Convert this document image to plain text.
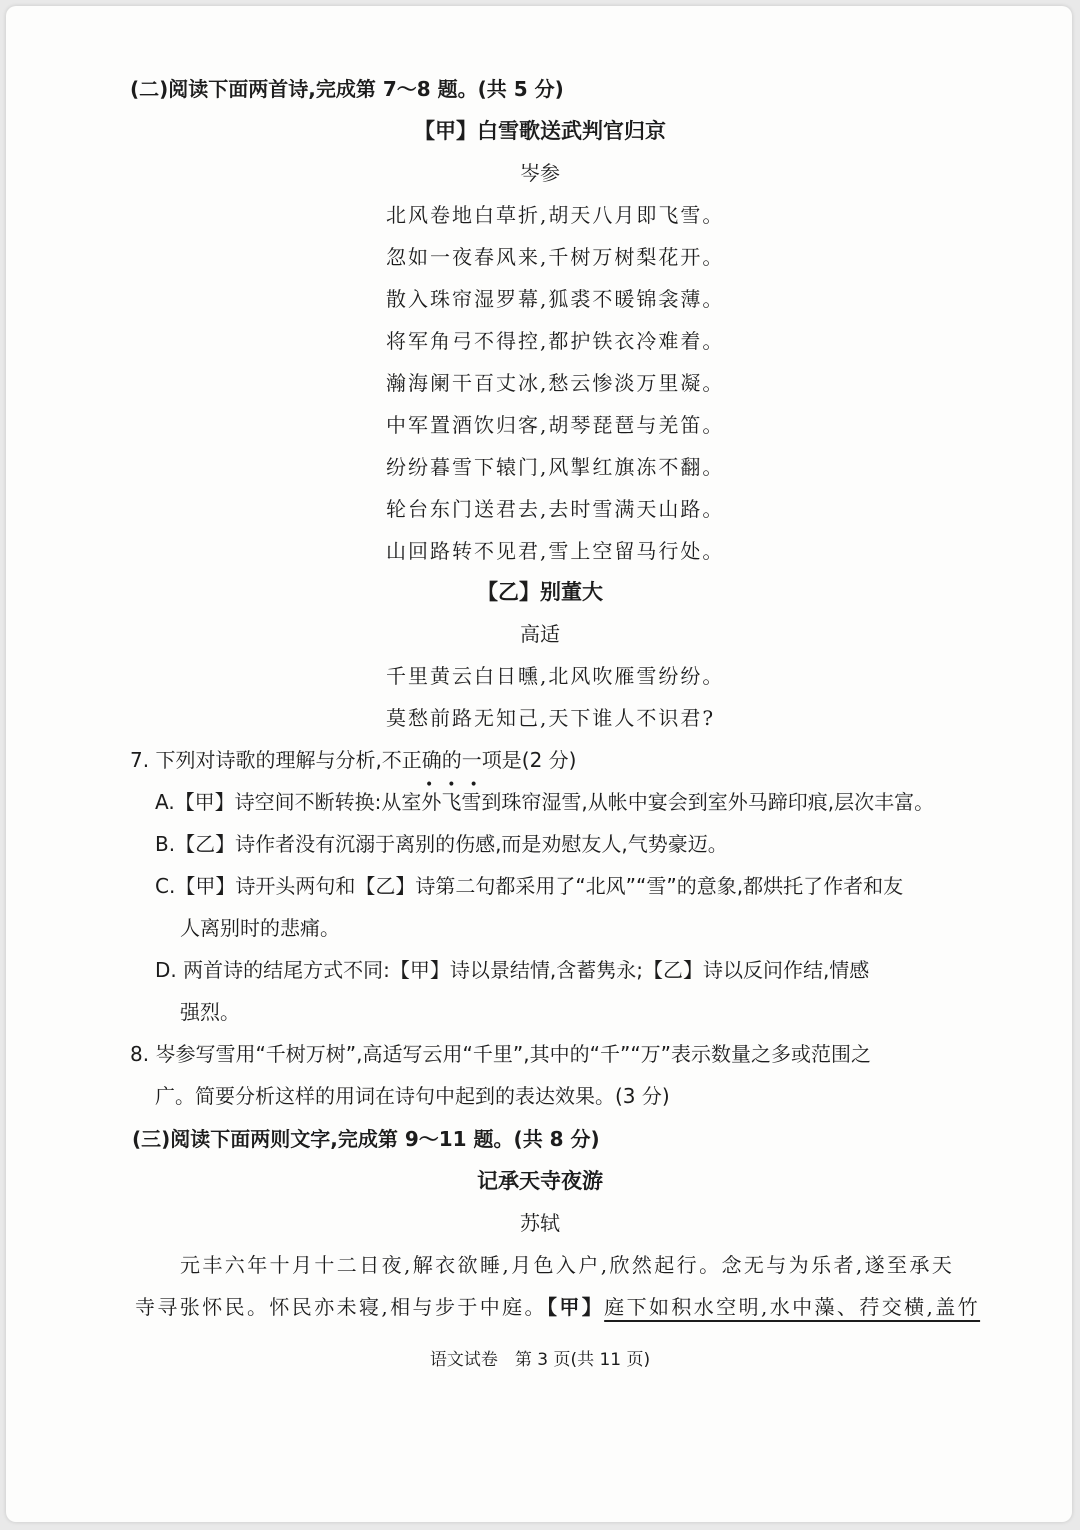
(二)阅读下面两首诗,完成第 7～8 题。(共 5 分)
【甲】白雪歌送武判官归京
岑参
北风卷地白草折,胡天八月即飞雪。
忽如一夜春风来,千树万树梨花开。
散入珠帘湿罗幕,狐裘不暖锦衾薄。
将军角弓不得控,都护铁衣冷难着。
瀚海阑干百丈冰,愁云惨淡万里凝。
中军置酒饮归客,胡琴琵琶与羌笛。
纷纷暮雪下辕门,风掣红旗冻不翻。
轮台东门送君去,去时雪满天山路。
山回路转不见君,雪上空留马行处。
【乙】别董大
高适
千里黄云白日曛,北风吹雁雪纷纷。
莫愁前路无知己,天下谁人不识君?
7. 下列对诗歌的理解与分析,不正确的一项是(2 分)
•••
A.【甲】诗空间不断转换:从室外飞雪到珠帘湿雪,从帐中宴会到室外马蹄印痕,层次丰富。
B.【乙】诗作者没有沉溺于离别的伤感,而是劝慰友人,气势豪迈。
C.【甲】诗开头两句和【乙】诗第二句都采用了“北风”“雪”的意象,都烘托了作者和友
人离别时的悲痛。
D. 两首诗的结尾方式不同:【甲】诗以景结情,含蓄隽永;【乙】诗以反问作结,情感
强烈。
8. 岑参写雪用“千树万树”,高适写云用“千里”,其中的“千”“万”表示数量之多或范围之
广。简要分析这样的用词在诗句中起到的表达效果。(3 分)
(三)阅读下面两则文字,完成第 9～11 题。(共 8 分)
记承天寺夜游
苏轼
元丰六年十月十二日夜,解衣欲睡,月色入户,欣然起行。念无与为乐者,遂至承天
寺寻张怀民。怀民亦未寝,相与步于中庭。【甲】庭下如积水空明,水中藻、荇交横,盖竹
语文试卷　第 3 页(共 11 页)
